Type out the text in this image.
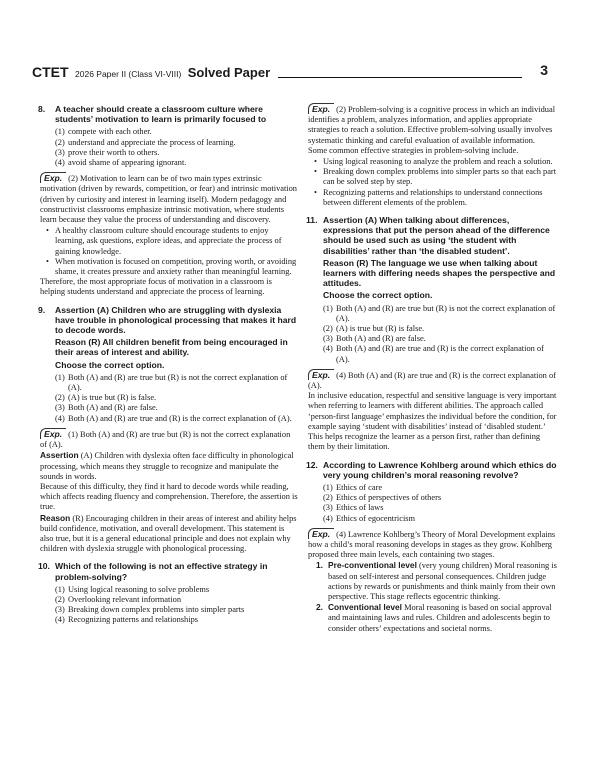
CTET 2026 Paper II (Class VI-VIII) Solved Paper	3
8.	A teacher should create a classroom culture where students’ motivation to learn is primarily focused to
(1) compete with each other.
(2) understand and appreciate the process of learning.
(3) prove their worth to others.
(4) avoid shame of appearing ignorant.

Exp. (2) Motivation to learn can be of two main types extrinsic motivation (driven by rewards, competition, or fear) and intrinsic motivation (driven by curiosity and interest in learning itself). Modern pedagogy and constructivist classrooms emphasize intrinsic motivation, where students learn because they value the process of understanding and discovery.

• A healthy classroom culture should encourage students to enjoy learning, ask questions, explore ideas, and appreciate the process of gaining knowledge.
• When motivation is focused on competition, proving worth, or avoiding shame, it creates pressure and anxiety rather than meaningful learning.

Therefore, the most appropriate focus of motivation in a classroom is helping students understand and appreciate the process of learning.

9.	Assertion (A) Children who are struggling with dyslexia have trouble in phonological processing that makes it hard to decode words.
Reason (R) All children benefit from being encouraged in their areas of interest and ability.
Choose the correct option.
(1) Both (A) and (R) are true but (R) is not the correct explanation of (A).
(2) (A) is true but (R) is false.
(3) Both (A) and (R) are false.
(4) Both (A) and (R) are true and (R) is the correct explanation of (A).

Exp. (1) Both (A) and (R) are true but (R) is not the correct explanation of (A).

Assertion (A) Children with dyslexia often face difficulty in phonological processing, which means they struggle to recognize and manipulate the sounds in words.

Because of this difficulty, they find it hard to decode words while reading, which affects reading fluency and comprehension. Therefore, the assertion is true.

Reason (R) Encouraging children in their areas of interest and ability helps build confidence, motivation, and overall development. This statement is also true, but it is a general educational principle and does not explain why children with dyslexia struggle with phonological processing.

10. Which of the following is not an effective strategy in problem-solving?
(1) Using logical reasoning to solve problems
(2) Overlooking relevant information
(3) Breaking down complex problems into simpler parts
(4) Recognizing patterns and relationships

Exp. (2) Problem-solving is a cognitive process in which an individual identifies a problem, analyzes information, and applies appropriate strategies to reach a solution. Effective problem-solving usually involves systematic thinking and careful evaluation of available information.

Some common effective strategies in problem-solving include.

• Using logical reasoning to analyze the problem and reach a solution.
• Breaking down complex problems into simpler parts so that each part can be solved step by step.
• Recognizing patterns and relationships to understand connections between different elements of the problem.
11. Assertion (A) When talking about differences, expressions that put the person ahead of the difference should be used such as using ‘the student with disabilities’ rather than ‘the disabled student’.
Reason (R) The language we use when talking about learners with differing needs shapes the perspective and attitudes.
Choose the correct option.
(1) Both (A) and (R) are true but (R) is not the correct explanation of (A).
(2) (A) is true but (R) is false.
(3) Both (A) and (R) are false.
(4) Both (A) and (R) are true and (R) is the correct explanation of (A).

Exp. (4) Both (A) and (R) are true and (R) is the correct explanation of (A).

In inclusive education, respectful and sensitive language is very important when referring to learners with different abilities. The approach called ‘person-first language’ emphasizes the individual before the condition, for example saying ‘student with disabilities’ instead of ‘disabled student.’ This helps recognize the learner as a person first, rather than defining them by their limitation.

12. According to Lawrence Kohlberg around which ethics do very young children’s moral reasoning revolve?
(1) Ethics of care
(2) Ethics of perspectives of others
(3) Ethics of laws
(4) Ethics of egocentricism

Exp. (4) Lawrence Kohlberg’s Theory of Moral Development explains how a child’s moral reasoning develops in stages as they grow. Kohlberg proposed three main levels, each containing two stages.

1. Pre-conventional level (very young children) Moral reasoning is based on self-interest and personal consequences. Children judge actions by rewards or punishments and think mainly from their own perspective. This stage reflects egocentric thinking.
2. Conventional level Moral reasoning is based on social approval and maintaining laws and rules. Children and adolescents begin to consider others’ expectations and societal norms.
